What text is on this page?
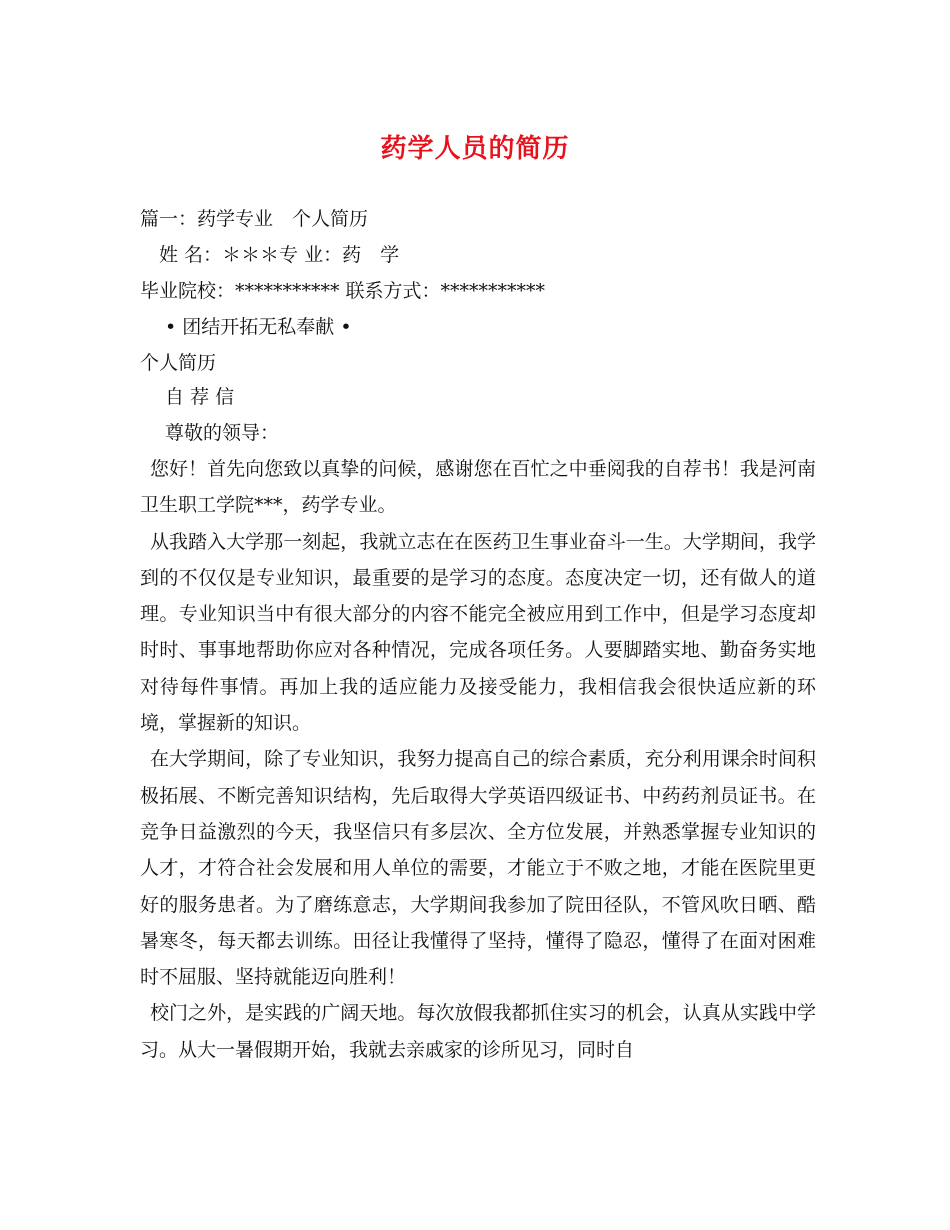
药学人员的简历
篇一：药学专业　个人简历
　姓 名：＊＊＊专 业：药　学
毕业院校：*********** 联系方式：***********
　 • 团结开拓无私奉献 •
个人简历
　 自 荐 信
　 尊敬的领导：

您好！首先向您致以真挚的问候，感谢您在百忙之中垂阅我的自荐书！我是河南卫生职工学院***，药学专业。

从我踏入大学那一刻起，我就立志在在医药卫生事业奋斗一生。大学期间，我学到的不仅仅是专业知识，最重要的是学习的态度。态度决定一切，还有做人的道理。专业知识当中有很大部分的内容不能完全被应用到工作中，但是学习态度却时时、事事地帮助你应对各种情况，完成各项任务。人要脚踏实地、勤奋务实地对待每件事情。再加上我的适应能力及接受能力，我相信我会很快适应新的环境，掌握新的知识。

在大学期间，除了专业知识，我努力提高自己的综合素质，充分利用课余时间积极拓展、不断完善知识结构，先后取得大学英语四级证书、中药药剂员证书。在竞争日益激烈的今天，我坚信只有多层次、全方位发展，并熟悉掌握专业知识的人才，才符合社会发展和用人单位的需要，才能立于不败之地，才能在医院里更好的服务患者。为了磨练意志，大学期间我参加了院田径队，不管风吹日晒、酷暑寒冬，每天都去训练。田径让我懂得了坚持，懂得了隐忍，懂得了在面对困难时不屈服、坚持就能迈向胜利！

校门之外，是实践的广阔天地。每次放假我都抓住实习的机会，认真从实践中学习。从大一暑假期开始，我就去亲戚家的诊所见习，同时自
